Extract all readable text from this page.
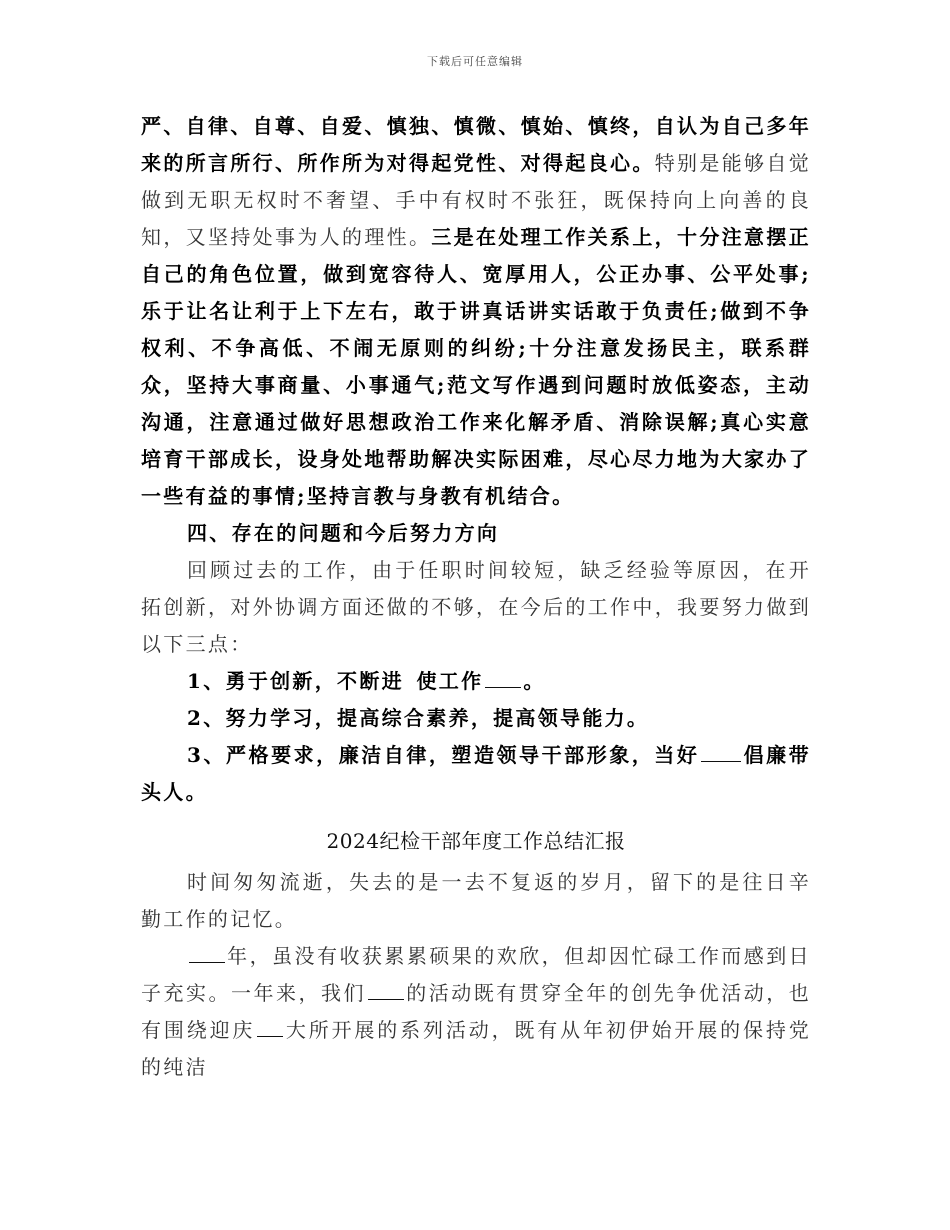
下载后可任意编辑

严、自律、自尊、自爱、慎独、慎微、慎始、慎终，自认为自己多年来的所言所行、所作所为对得起党性、对得起良心。特别是能够自觉做到无职无权时不奢望、手中有权时不张狂，既保持向上向善的良知，又坚持处事为人的理性。三是在处理工作关系上，十分注意摆正自己的角色位置，做到宽容待人、宽厚用人，公正办事、公平处事;乐于让名让利于上下左右，敢于讲真话讲实话敢于负责任;做到不争权利、不争高低、不闹无原则的纠纷;十分注意发扬民主，联系群众，坚持大事商量、小事通气;范文写作遇到问题时放低姿态，主动沟通，注意通过做好思想政治工作来化解矛盾、消除误解;真心实意培育干部成长，设身处地帮助解决实际困难，尽心尽力地为大家办了一些有益的事情;坚持言教与身教有机结合。

四、存在的问题和今后努力方向

回顾过去的工作，由于任职时间较短，缺乏经验等原因，在开拓创新，对外协调方面还做的不够，在今后的工作中，我要努力做到以下三点：

1、勇于创新，不断进  使工作 。

2、努力学习，提高综合素养，提高领导能力。

3、严格要求，廉洁自律，塑造领导干部形象，当好 倡廉带头人。

2024纪检干部年度工作总结汇报

时间匆匆流逝，失去的是一去不复返的岁月，留下的是往日辛勤工作的记忆。

年，虽没有收获累累硕果的欢欣，但却因忙碌工作而感到日子充实。一年来，我们 的活动既有贯穿全年的创先争优活动，也有围绕迎庆 大所开展的系列活动，既有从年初伊始开展的保持党的纯洁
